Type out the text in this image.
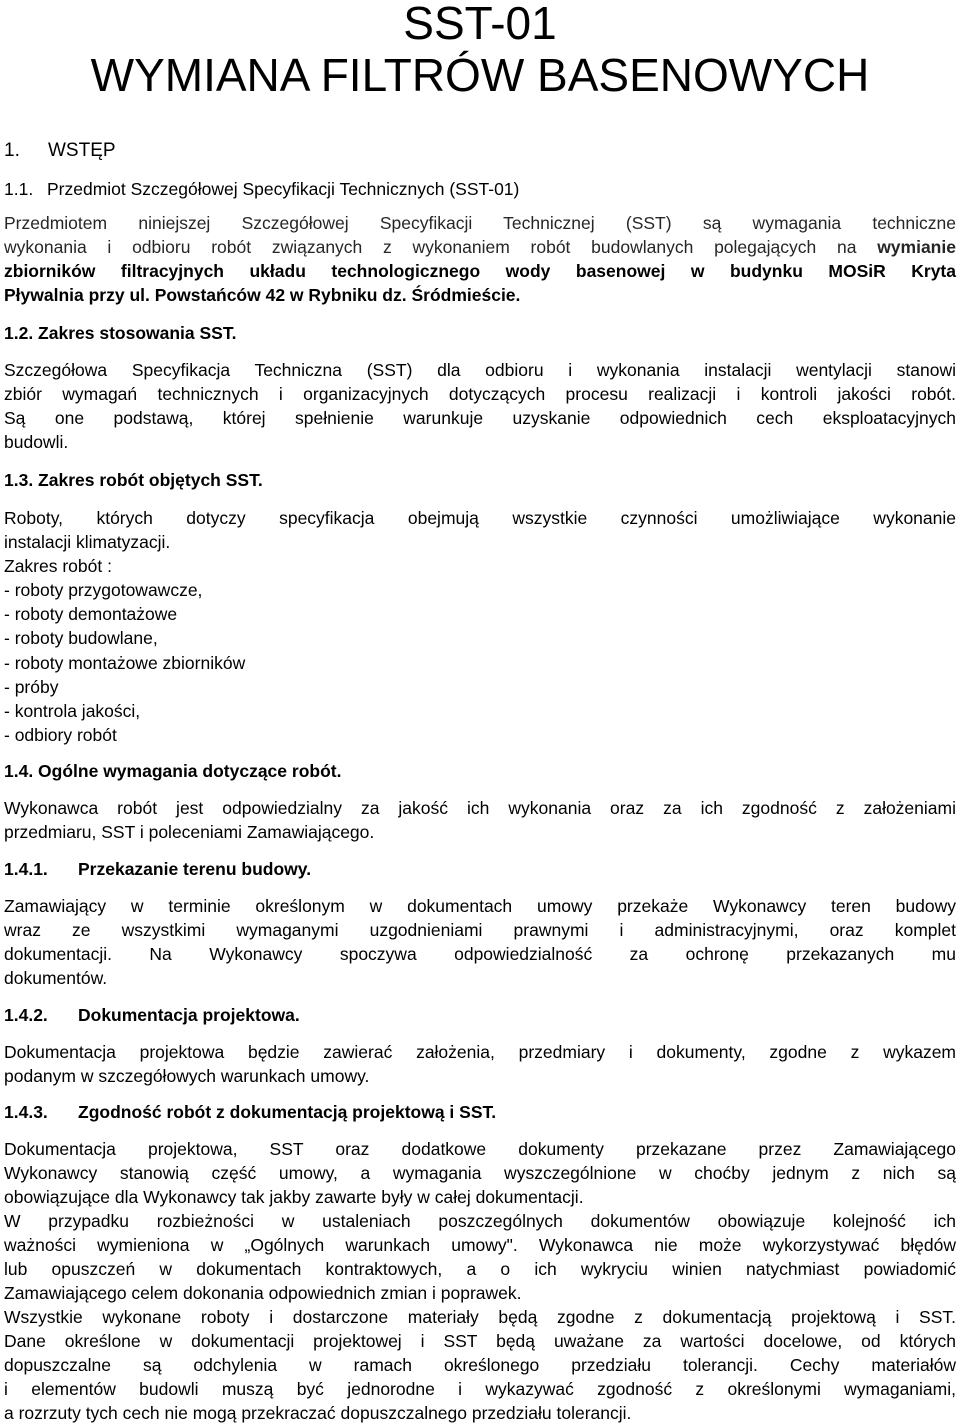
SST-01
WYMIANA FILTRÓW BASENOWYCH
1. WSTĘP
1.1. Przedmiot Szczegółowej Specyfikacji Technicznych (SST-01)
Przedmiotem niniejszej Szczegółowej Specyfikacji Technicznej (SST) są wymagania techniczne
wykonania i odbioru robót związanych z wykonaniem robót budowlanych polegających na wymianie
zbiorników filtracyjnych układu technologicznego wody basenowej w budynku MOSiR Kryta
Pływalnia przy ul. Powstańców 42 w Rybniku dz. Śródmieście.
1.2. Zakres stosowania SST.
Szczegółowa Specyfikacja Techniczna (SST) dla odbioru i wykonania instalacji wentylacji stanowi
zbiór wymagań technicznych i organizacyjnych dotyczących procesu realizacji i kontroli jakości robót.
Są one podstawą, której spełnienie warunkuje uzyskanie odpowiednich cech eksploatacyjnych
budowli.
1.3. Zakres robót objętych SST.
Roboty, których dotyczy specyfikacja obejmują wszystkie czynności umożliwiające wykonanie
instalacji klimatyzacji.
Zakres robót :
- roboty przygotowawcze,
- roboty demontażowe
- roboty budowlane,
- roboty montażowe zbiorników
- próby
- kontrola jakości,
- odbiory robót
1.4. Ogólne wymagania dotyczące robót.
Wykonawca robót jest odpowiedzialny za jakość ich wykonania oraz za ich zgodność z założeniami
przedmiaru, SST i poleceniami Zamawiającego.
1.4.1. Przekazanie terenu budowy.
Zamawiający w terminie określonym w dokumentach umowy przekaże Wykonawcy teren budowy
wraz ze wszystkimi wymaganymi uzgodnieniami prawnymi i administracyjnymi, oraz komplet
dokumentacji. Na Wykonawcy spoczywa odpowiedzialność za ochronę przekazanych mu
dokumentów.
1.4.2. Dokumentacja projektowa.
Dokumentacja projektowa będzie zawierać założenia, przedmiary i dokumenty, zgodne z wykazem
podanym w szczegółowych warunkach umowy.
1.4.3. Zgodność robót z dokumentacją projektową i SST.
Dokumentacja projektowa, SST oraz dodatkowe dokumenty przekazane przez Zamawiającego
Wykonawcy stanowią część umowy, a wymagania wyszczególnione w choćby jednym z nich są
obowiązujące dla Wykonawcy tak jakby zawarte były w całej dokumentacji.
W przypadku rozbieżności w ustaleniach poszczególnych dokumentów obowiązuje kolejność ich
ważności wymieniona w „Ogólnych warunkach umowy". Wykonawca nie może wykorzystywać błędów
lub opuszczeń w dokumentach kontraktowych, a o ich wykryciu winien natychmiast powiadomić
Zamawiającego celem dokonania odpowiednich zmian i poprawek.
Wszystkie wykonane roboty i dostarczone materiały będą zgodne z dokumentacją projektową i SST.
Dane określone w dokumentacji projektowej i SST będą uważane za wartości docelowe, od których
dopuszczalne są odchylenia w ramach określonego przedziału tolerancji. Cechy materiałów
i elementów budowli muszą być jednorodne i wykazywać zgodność z określonymi wymaganiami,
a rozrzuty tych cech nie mogą przekraczać dopuszczalnego przedziału tolerancji.
